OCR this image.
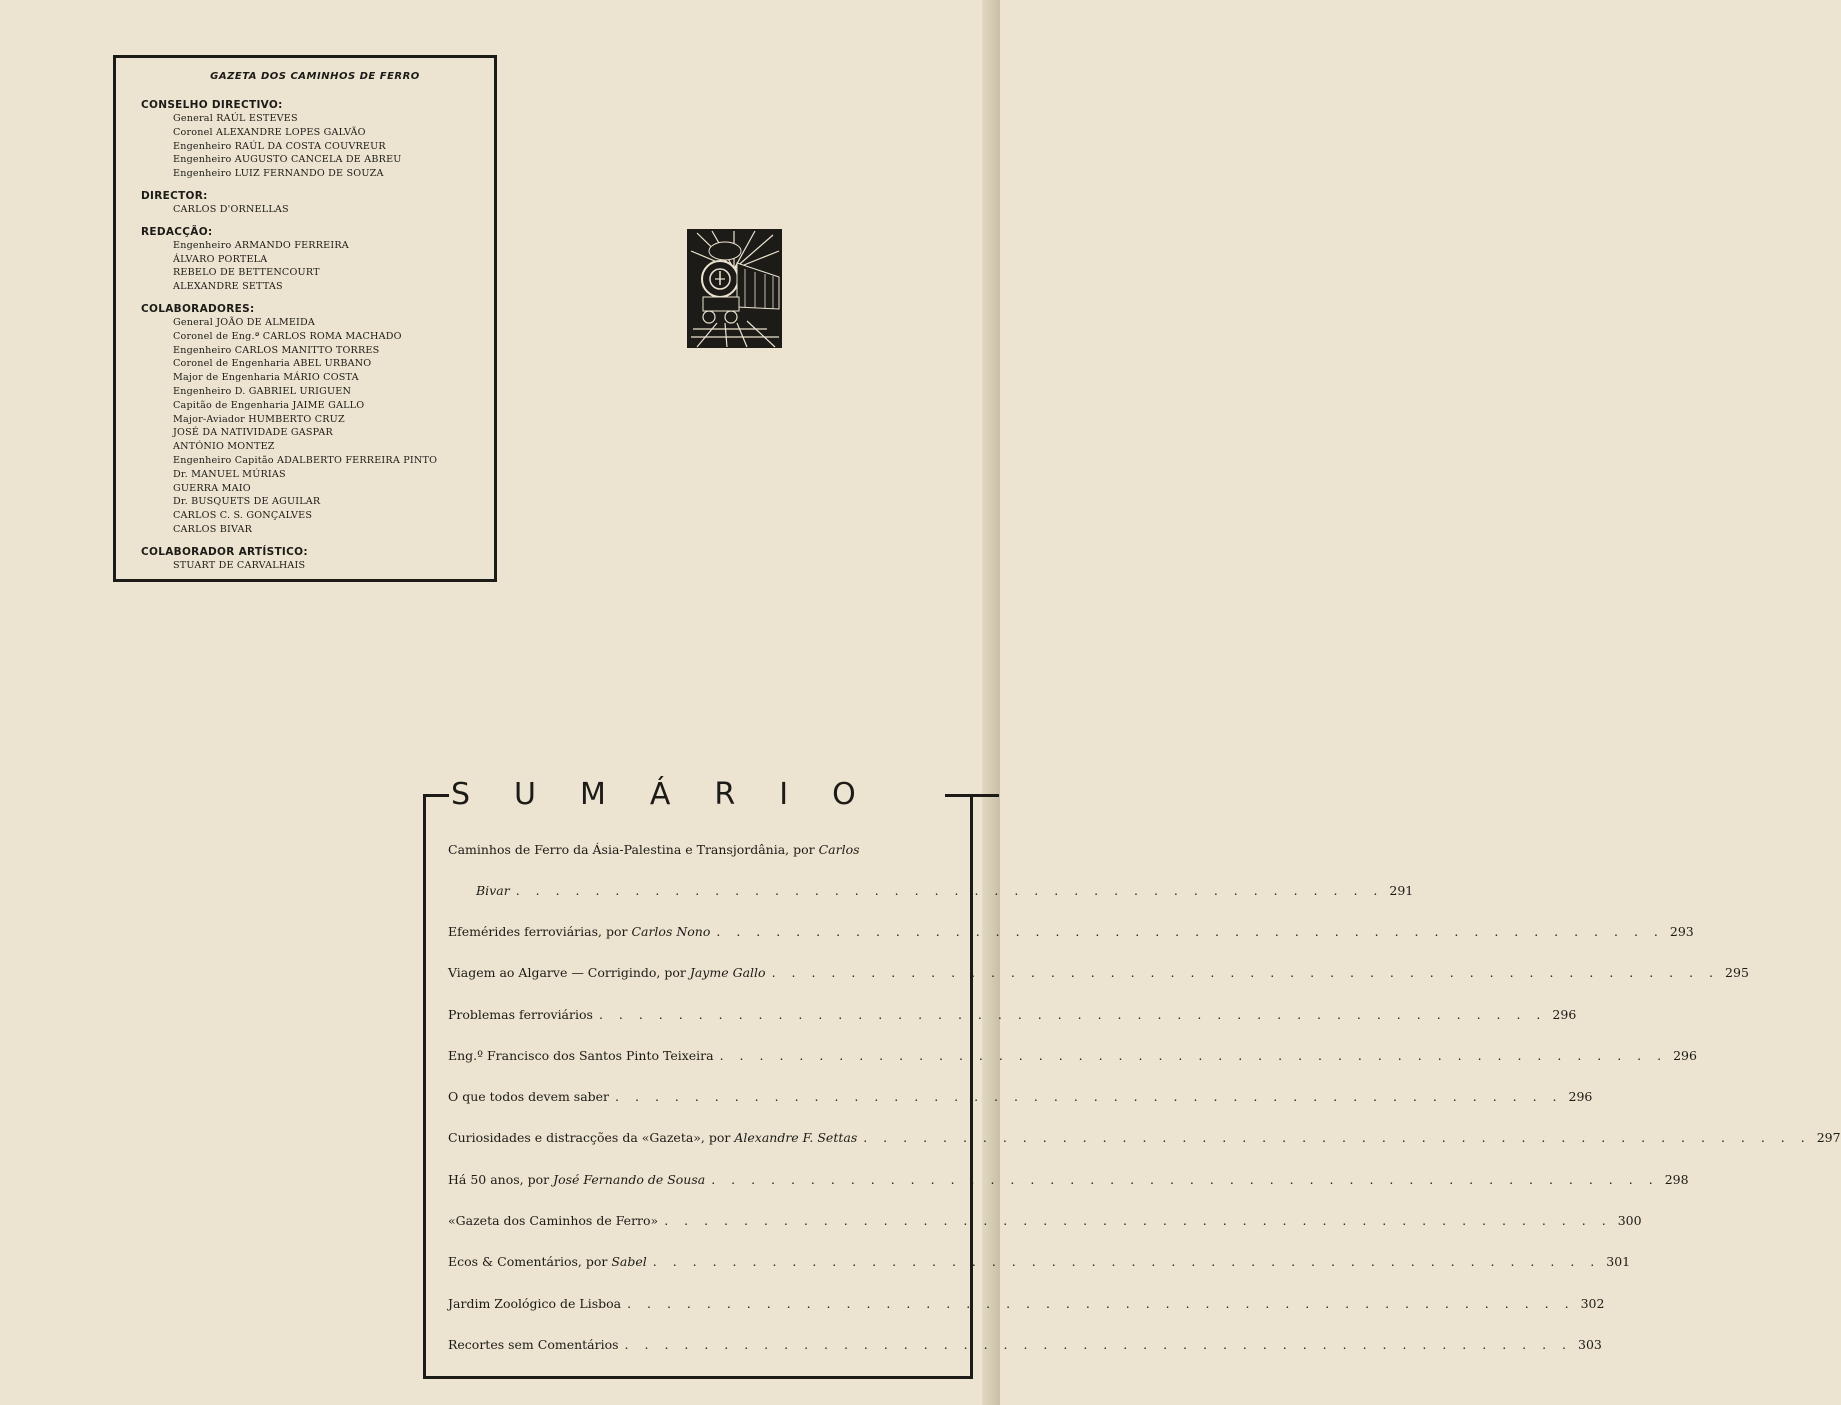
GAZETA DOS CAMINHOS DE FERRO
CONSELHO DIRECTIVO:
General RAÚL ESTEVES
Coronel ALEXANDRE LOPES GALVÃO
Engenheiro RAÚL DA COSTA COUVREUR
Engenheiro AUGUSTO CANCELA DE ABREU
Engenheiro LUIZ FERNANDO DE SOUZA
DIRECTOR:
CARLOS D'ORNELLAS
REDACÇÃO:
Engenheiro ARMANDO FERREIRA
ÁLVARO PORTELA
REBELO DE BETTENCOURT
ALEXANDRE SETTAS
COLABORADORES:
General JOÃO DE ALMEIDA
Coronel de Eng.ª CARLOS ROMA MACHADO
Engenheiro CARLOS MANITTO TORRES
Coronel de Engenharia ABEL URBANO
Major de Engenharia MÁRIO COSTA
Engenheiro D. GABRIEL URIGUEN
Capitão de Engenharia JAIME GALLO
Major-Aviador HUMBERTO CRUZ
JOSÉ DA NATIVIDADE GASPAR
ANTÓNIO MONTEZ
Engenheiro Capitão ADALBERTO FERREIRA PINTO
Dr. MANUEL MÚRIAS
GUERRA MAIO
Dr. BUSQUETS DE AGUILAR
CARLOS C. S. GONÇALVES
CARLOS BIVAR
COLABORADOR ARTÍSTICO:
STUART DE CARVALHAIS
SUMÁRIO
Caminhos de Ferro da Ásia-Palestina e Transjordânia, por Carlos
Bivar . . . . . . . . . . . . . . . . . . . . . . . . . . . . . . . . . . . . . . . . . . . . 291
Efemérides ferroviárias, por Carlos Nono . . . . . . . . . . . . . . . . . . . . . . . . . . . . . . . . . . . . . . . . . . . . . . . . 293
Viagem ao Algarve — Corrigindo, por Jayme Gallo . . . . . . . . . . . . . . . . . . . . . . . . . . . . . . . . . . . . . . . . . . . . . . . . 295
Problemas ferroviários . . . . . . . . . . . . . . . . . . . . . . . . . . . . . . . . . . . . . . . . . . . . . . . . 296
Eng.º Francisco dos Santos Pinto Teixeira . . . . . . . . . . . . . . . . . . . . . . . . . . . . . . . . . . . . . . . . . . . . . . . . 296
O que todos devem saber . . . . . . . . . . . . . . . . . . . . . . . . . . . . . . . . . . . . . . . . . . . . . . . . 296
Curiosidades e distracções da «Gazeta», por Alexandre F. Settas . . . . . . . . . . . . . . . . . . . . . . . . . . . . . . . . . . . . . . . . . . . . . . . . 297
Há 50 anos, por José Fernando de Sousa . . . . . . . . . . . . . . . . . . . . . . . . . . . . . . . . . . . . . . . . . . . . . . . . 298
«Gazeta dos Caminhos de Ferro» . . . . . . . . . . . . . . . . . . . . . . . . . . . . . . . . . . . . . . . . . . . . . . . . 300
Ecos & Comentários, por Sabel . . . . . . . . . . . . . . . . . . . . . . . . . . . . . . . . . . . . . . . . . . . . . . . . 301
Jardim Zoológico de Lisboa . . . . . . . . . . . . . . . . . . . . . . . . . . . . . . . . . . . . . . . . . . . . . . . . 302
Recortes sem Comentários . . . . . . . . . . . . . . . . . . . . . . . . . . . . . . . . . . . . . . . . . . . . . . . . 303
